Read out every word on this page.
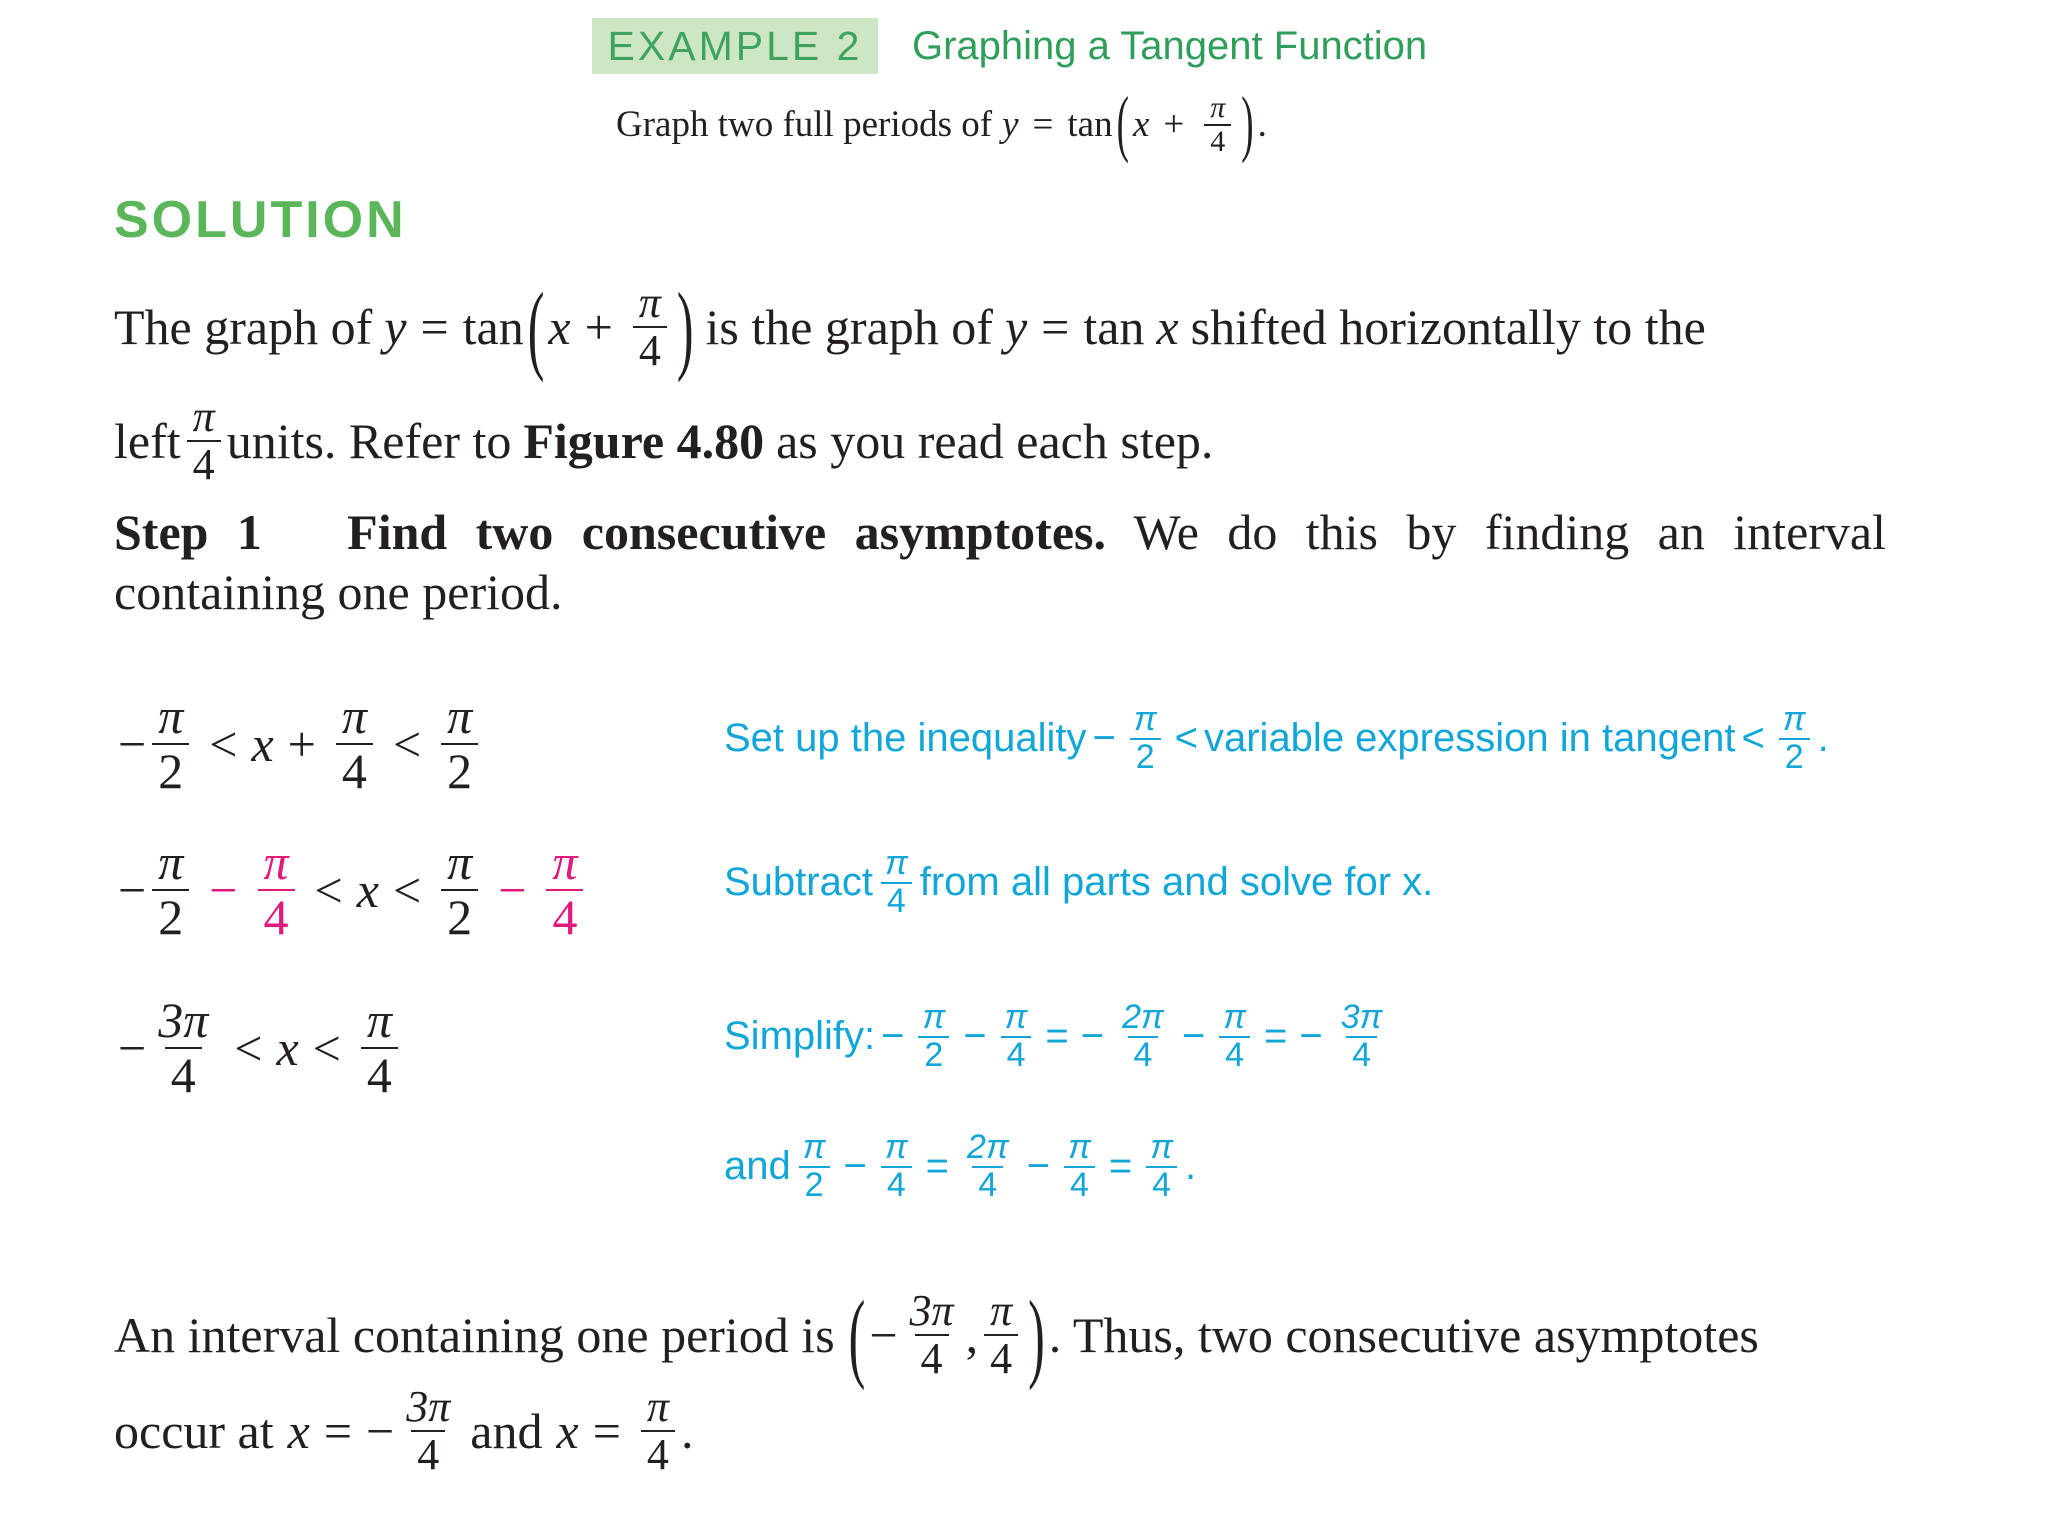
EXAMPLE 2	Graphing a Tangent Function
Graph two full periods of y = tan ( $x + \frac{\pi}{4}$ ) .
SOLUTION
The graph of y = tan ( $x + \frac{\pi}{4}$ ) is the graph of y = tan x shifted horizontally to the
left $\frac{\pi}{4}$ units. Refer to Figure 4.80 as you read each step.
Step 1 Find two consecutive asymptotes. We do this by finding an interval containing one period.
− $\frac{\pi}{2} < x + \frac{\pi}{4} < \frac{\pi}{2}$	Set up the inequality − $\frac{\pi}{2}$ < variable expression in tangent < $\frac{\pi}{2}$ .
− $\frac{\pi}{2} - \frac{\pi}{4} < x < \frac{\pi}{2} - \frac{\pi}{4}$	Subtract $\frac{\pi}{4}$ from all parts and solve for x.
− $\frac{3\pi}{4} < x < \frac{\pi}{4}$	Simplify: − $\frac{\pi}{2} - \frac{\pi}{4}$ = − $\frac{2\pi}{4} - \frac{\pi}{4}$ = − $\frac{3\pi}{4}$
and $\frac{\pi}{2} - \frac{\pi}{4} = \frac{2\pi}{4} - \frac{\pi}{4} = \frac{\pi}{4}$ .
An interval containing one period is ( − $\frac{3\pi}{4}$ , $\frac{\pi}{4}$ ) . Thus, two consecutive asymptotes
occur at x = − $\frac{3\pi}{4}$ and $x = \frac{\pi}{4}$ .
